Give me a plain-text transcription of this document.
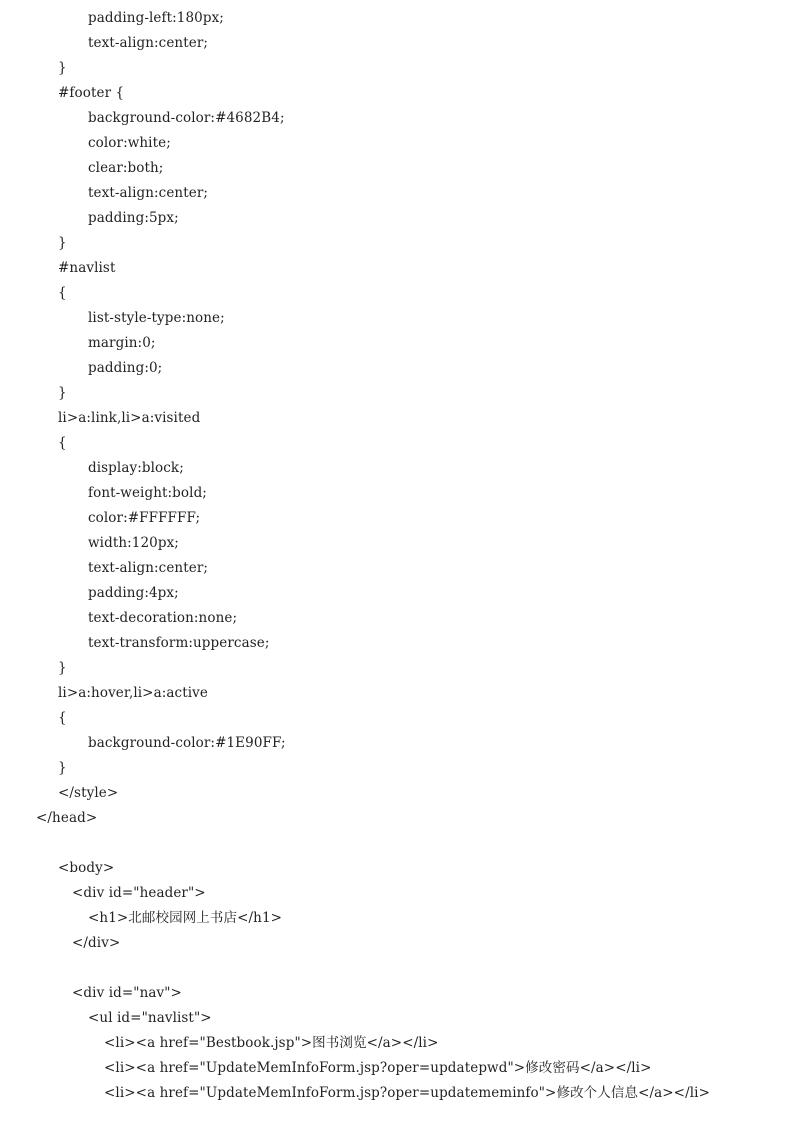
padding-left:180px;
text-align:center;
}
#footer {
background-color:#4682B4;
color:white;
clear:both;
text-align:center;
padding:5px;
}
#navlist
{
list-style-type:none;
margin:0;
padding:0;
}
li>a:link,li>a:visited
{
display:block;
font-weight:bold;
color:#FFFFFF;
width:120px;
text-align:center;
padding:4px;
text-decoration:none;
text-transform:uppercase;
}
li>a:hover,li>a:active
{
background-color:#1E90FF;
}
</style>
</head>
<body>
<div id="header">
<h1>北邮校园网上书店</h1>
</div>
<div id="nav">
<ul id="navlist">
<li><a href="Bestbook.jsp">图书浏览</a></li>
<li><a href="UpdateMemInfoForm.jsp?oper=updatepwd">修改密码</a></li>
<li><a href="UpdateMemInfoForm.jsp?oper=updatememinfo">修改个人信息</a></li>
